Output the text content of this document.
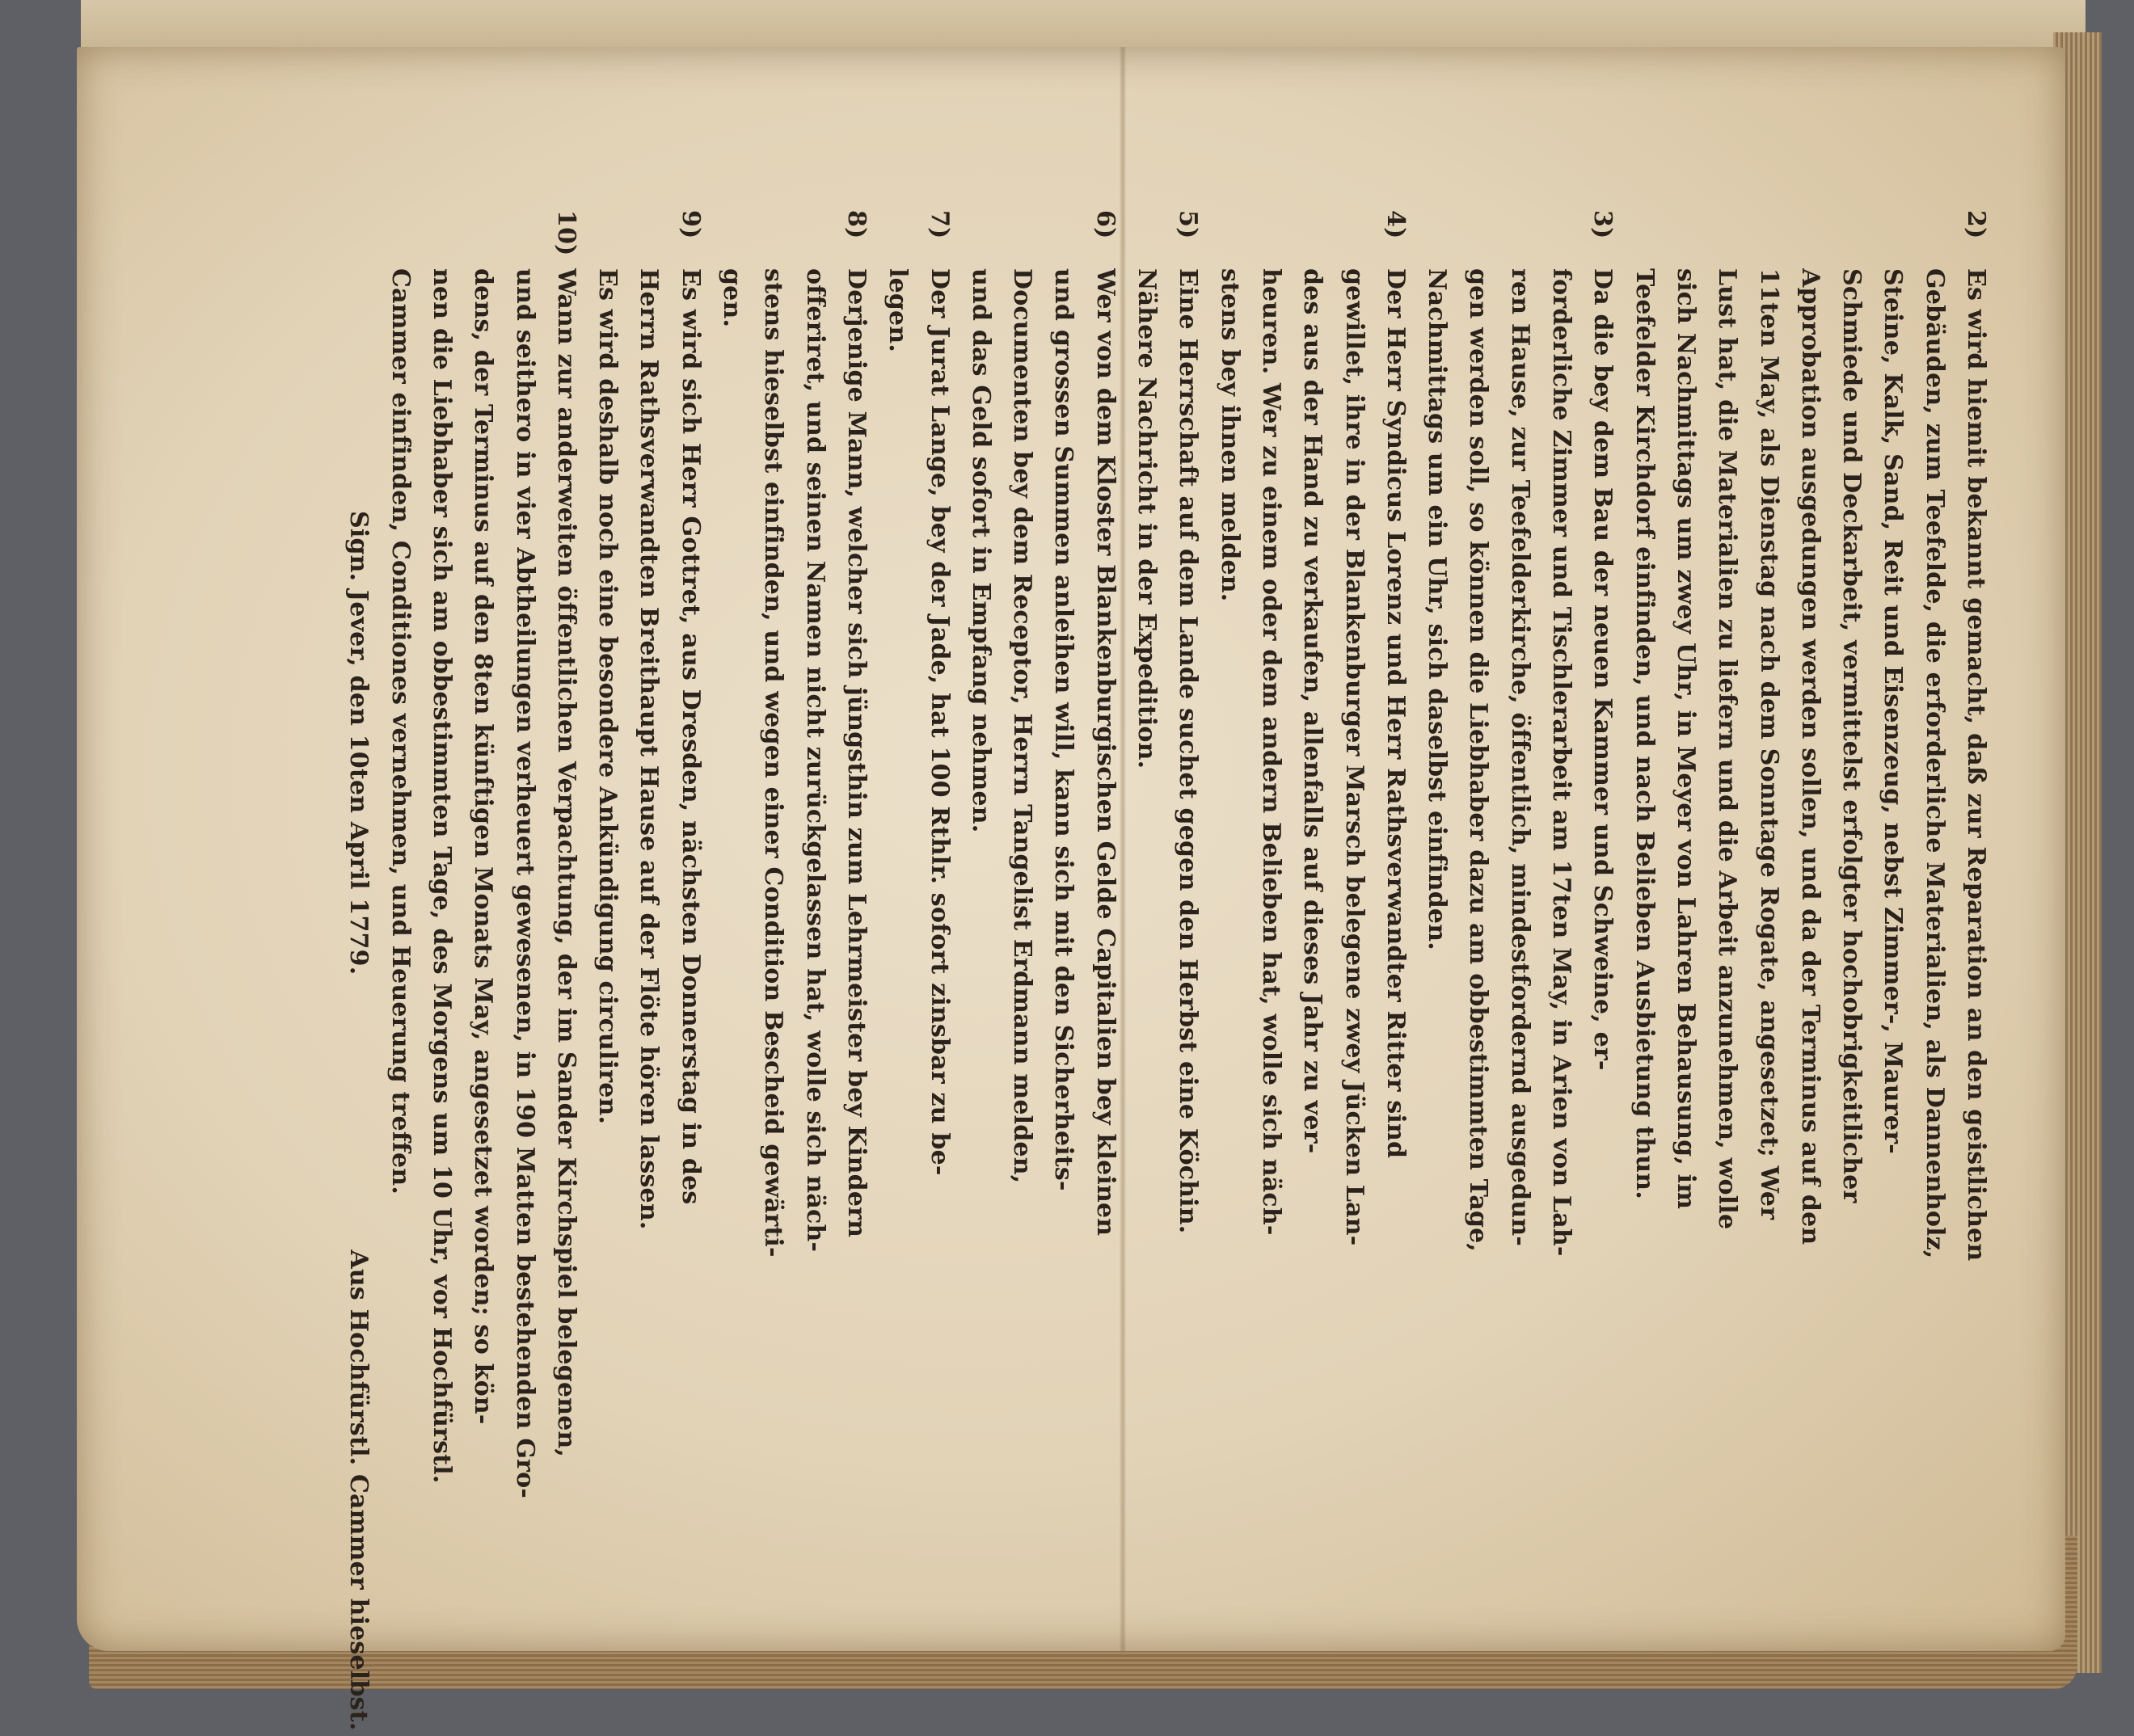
2)
Es wird hiemit bekannt gemacht, daß zur Reparation an den geistlichen
Gebäuden, zum Teefelde, die erforderliche Materialien, als Dannenholz,
Steine, Kalk, Sand, Reit und Eisenzeug, nebst Zimmer-, Maurer-
Schmiede und Deckarbeit, vermittelst erfolgter hochobrigkeitlicher
Approbation ausgedungen werden sollen, und da der Terminus auf den
11ten May, als Dienstag nach dem Sonntage Rogate, angesetzet; Wer
Lust hat, die Materialien zu liefern und die Arbeit anzunehmen, wolle
sich Nachmittags um zwey Uhr, in Meyer von Lahren Behausung, im
Teefelder Kirchdorf einfinden, und nach Belieben Ausbietung thun.
3)
Da die bey dem Bau der neuen Kammer und Schweine, er-
forderliche Zimmer und Tischlerarbeit am 17ten May, in Arien von Lah-
ren Hause, zur Teefelderkirche, öffentlich, mindestfordernd ausgedun-
gen werden soll, so können die Liebhaber dazu am obbestimmten Tage,
Nachmittags um ein Uhr, sich daselbst einfinden.
4)
Der Herr Syndicus Lorenz und Herr Rathsverwandter Ritter sind
gewillet, ihre in der Blankenburger Marsch belegene zwey Jücken Lan-
des aus der Hand zu verkaufen, allenfalls auf dieses Jahr zu ver-
heuren. Wer zu einem oder dem andern Belieben hat, wolle sich näch-
stens bey ihnen melden.
5)
Eine Herrschaft auf dem Lande suchet gegen den Herbst eine Köchin.
Nähere Nachricht in der Expedition.
6)
Wer von dem Kloster Blankenburgischen Gelde Capitalien bey kleinen
und grossen Summen anleihen will, kann sich mit den Sicherheits-
Documenten bey dem Receptor, Herrn Tangelist Erdmann melden,
und das Geld sofort in Empfang nehmen.
7)
Der Jurat Lange, bey der Jade, hat 100 Rthlr. sofort zinsbar zu be-
legen.
8)
Derjenige Mann, welcher sich jüngsthin zum Lehrmeister bey Kindern
offeriret, und seinen Namen nicht zurückgelassen hat, wolle sich näch-
stens hieselbst einfinden, und wegen einer Condition Bescheid gewärti-
gen.
9)
Es wird sich Herr Gottret, aus Dresden, nächsten Donnerstag in des
Herrn Rathsverwandten Breithaupt Hause auf der Flöte hören lassen.
Es wird deshalb noch eine besondere Ankündigung circuliren.
10)
Wann zur anderweiten öffentlichen Verpachtung, der im Sander Kirchspiel belegenen,
und seithero in vier Abtheilungen verheuert gewesenen, in 190 Matten bestehenden Gro-
dens, der Terminus auf den 8ten künftigen Monats May, angesetzet worden; so kön-
nen die Liebhaber sich am obbestimmten Tage, des Morgens um 10 Uhr, vor Hochfürstl.
Cammer einfinden, Conditiones vernehmen, und Heuerung treffen.
Sign. Jever, den 10ten April 1779.Aus Hochfürstl. Cammer hieselbst.
